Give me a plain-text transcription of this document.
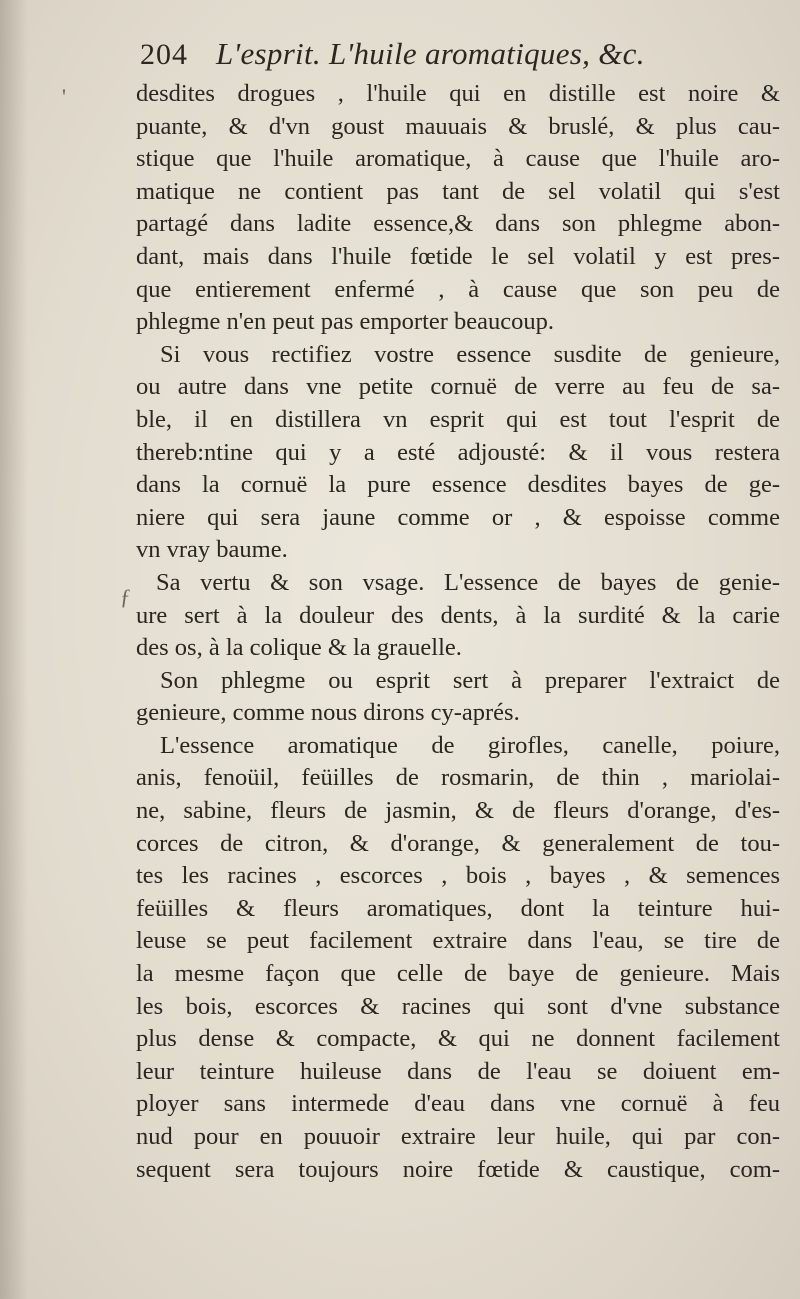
204 L'esprit. L'huile aromatiques, &c.
'
ƒ
desdites drogues , l'huile qui en distille est noire &
puante, & d'vn goust mauuais & bruslé, & plus cau-
stique que l'huile aromatique, à cause que l'huile aro-
matique ne contient pas tant de sel volatil qui s'est
partagé dans ladite essence,& dans son phlegme abon-
dant, mais dans l'huile fœtide le sel volatil y est pres-
que entierement enfermé , à cause que son peu de
phlegme n'en peut pas emporter beaucoup.
Si vous rectifiez vostre essence susdite de genieure,
ou autre dans vne petite cornuë de verre au feu de sa-
ble, il en distillera vn esprit qui est tout l'esprit de
thereb:ntine qui y a esté adjousté: & il vous restera
dans la cornuë la pure essence desdites bayes de ge-
niere qui sera jaune comme or , & espoisse comme
vn vray baume.
Sa vertu & son vsage. L'essence de bayes de genie-
ure sert à la douleur des dents, à la surdité & la carie
des os, à la colique & la grauelle.
Son phlegme ou esprit sert à preparer l'extraict de
genieure, comme nous dirons cy-aprés.
L'essence aromatique de girofles, canelle, poiure,
anis, fenoüil, feüilles de rosmarin, de thin , mariolai-
ne, sabine, fleurs de jasmin, & de fleurs d'orange, d'es-
corces de citron, & d'orange, & generalement de tou-
tes les racines , escorces , bois , bayes , & semences
feüilles & fleurs aromatiques, dont la teinture hui-
leuse se peut facilement extraire dans l'eau, se tire de
la mesme façon que celle de baye de genieure. Mais
les bois, escorces & racines qui sont d'vne substance
plus dense & compacte, & qui ne donnent facilement
leur teinture huileuse dans de l'eau se doiuent em-
ployer sans intermede d'eau dans vne cornuë à feu
nud pour en pouuoir extraire leur huile, qui par con-
sequent sera toujours noire fœtide & caustique, com-
